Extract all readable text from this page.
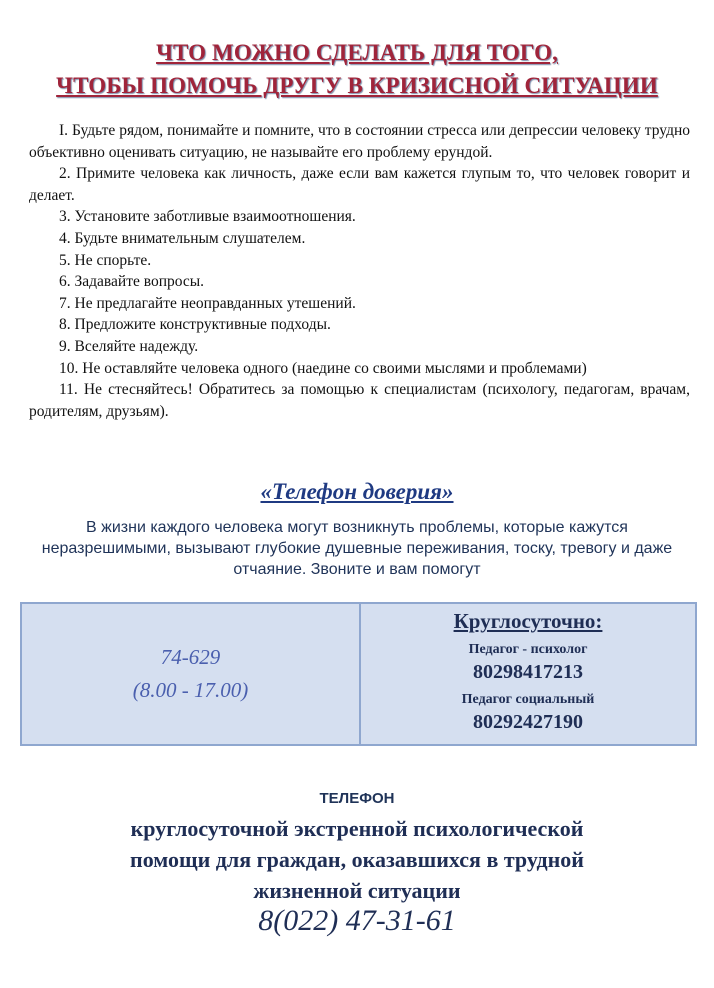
ЧТО МОЖНО СДЕЛАТЬ ДЛЯ ТОГО,
ЧТОБЫ ПОМОЧЬ ДРУГУ В КРИЗИСНОЙ СИТУАЦИИ

I. Будьте рядом, понимайте и помните, что в состоянии стресса или депрессии человеку трудно объективно оценивать ситуацию, не называйте его проблему ерундой.

2. Примите человека как личность, даже если вам кажется глупым то, что человек говорит и делает.

3. Установите заботливые взаимоотношения.

4. Будьте внимательным слушателем.

5. Не спорьте.

6. Задавайте вопросы.

7. Не предлагайте неоправданных утешений.

8. Предложите конструктивные подходы.

9. Вселяйте надежду.

10. Не оставляйте человека одного (наедине со своими мыслями и проблемами)

11. Не стесняйтесь! Обратитесь за помощью к специалистам (психологу, педагогам, врачам, родителям, друзьям).

«Телефон доверия»
В жизни каждого человека могут возникнуть проблемы, которые кажутся неразрешимыми, вызывают глубокие душевные переживания, тоску, тревогу и даже отчаяние. Звоните и вам помогут
74-629
(8.00 - 17.00)
Круглосуточно:
Педагог - психолог
80298417213
Педагог социальный
80292427190
ТЕЛЕФОН
круглосуточной экстренной психологической
помощи для граждан, оказавшихся в трудной
жизненной ситуации
8(022) 47-31-61
